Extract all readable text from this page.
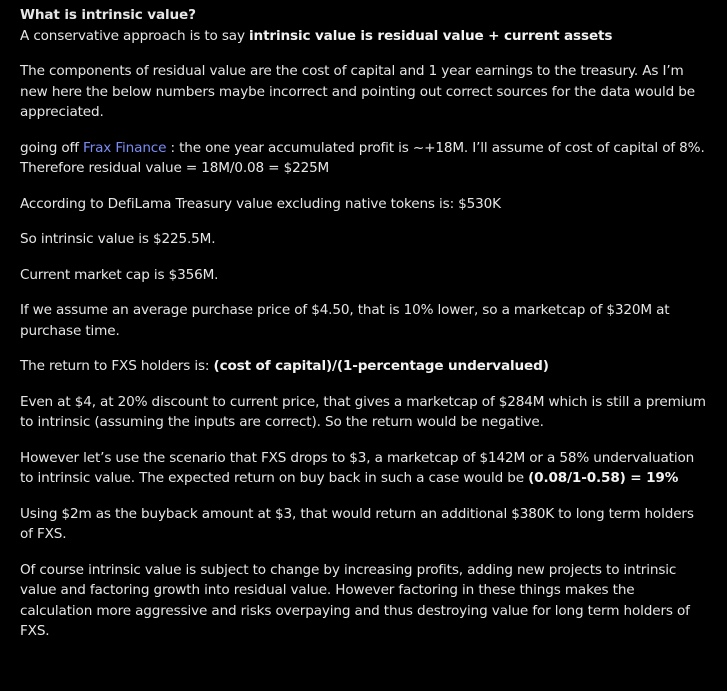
What is intrinsic value?

A conservative approach is to say intrinsic value is residual value + current assets

The components of residual value are the cost of capital and 1 year earnings to the treasury. As I’m new here the below numbers maybe incorrect and pointing out correct sources for the data would be appreciated.

going off Frax Finance : the one year accumulated profit is ~+18M. I’ll assume of cost of capital of 8%. Therefore residual value = 18M/0.08 = $225M

According to DefiLama Treasury value excluding native tokens is: $530K

So intrinsic value is $225.5M.

Current market cap is $356M.

If we assume an average purchase price of $4.50, that is 10% lower, so a marketcap of $320M at purchase time.

The return to FXS holders is: (cost of capital)/(1-percentage undervalued)

Even at $4, at 20% discount to current price, that gives a marketcap of $284M which is still a premium to intrinsic (assuming the inputs are correct). So the return would be negative.

However let’s use the scenario that FXS drops to $3, a marketcap of $142M or a 58% undervaluation to intrinsic value. The expected return on buy back in such a case would be (0.08/1-0.58) = 19%

Using $2m as the buyback amount at $3, that would return an additional $380K to long term holders of FXS.

Of course intrinsic value is subject to change by increasing profits, adding new projects to intrinsic value and factoring growth into residual value. However factoring in these things makes the calculation more aggressive and risks overpaying and thus destroying value for long term holders of FXS.
